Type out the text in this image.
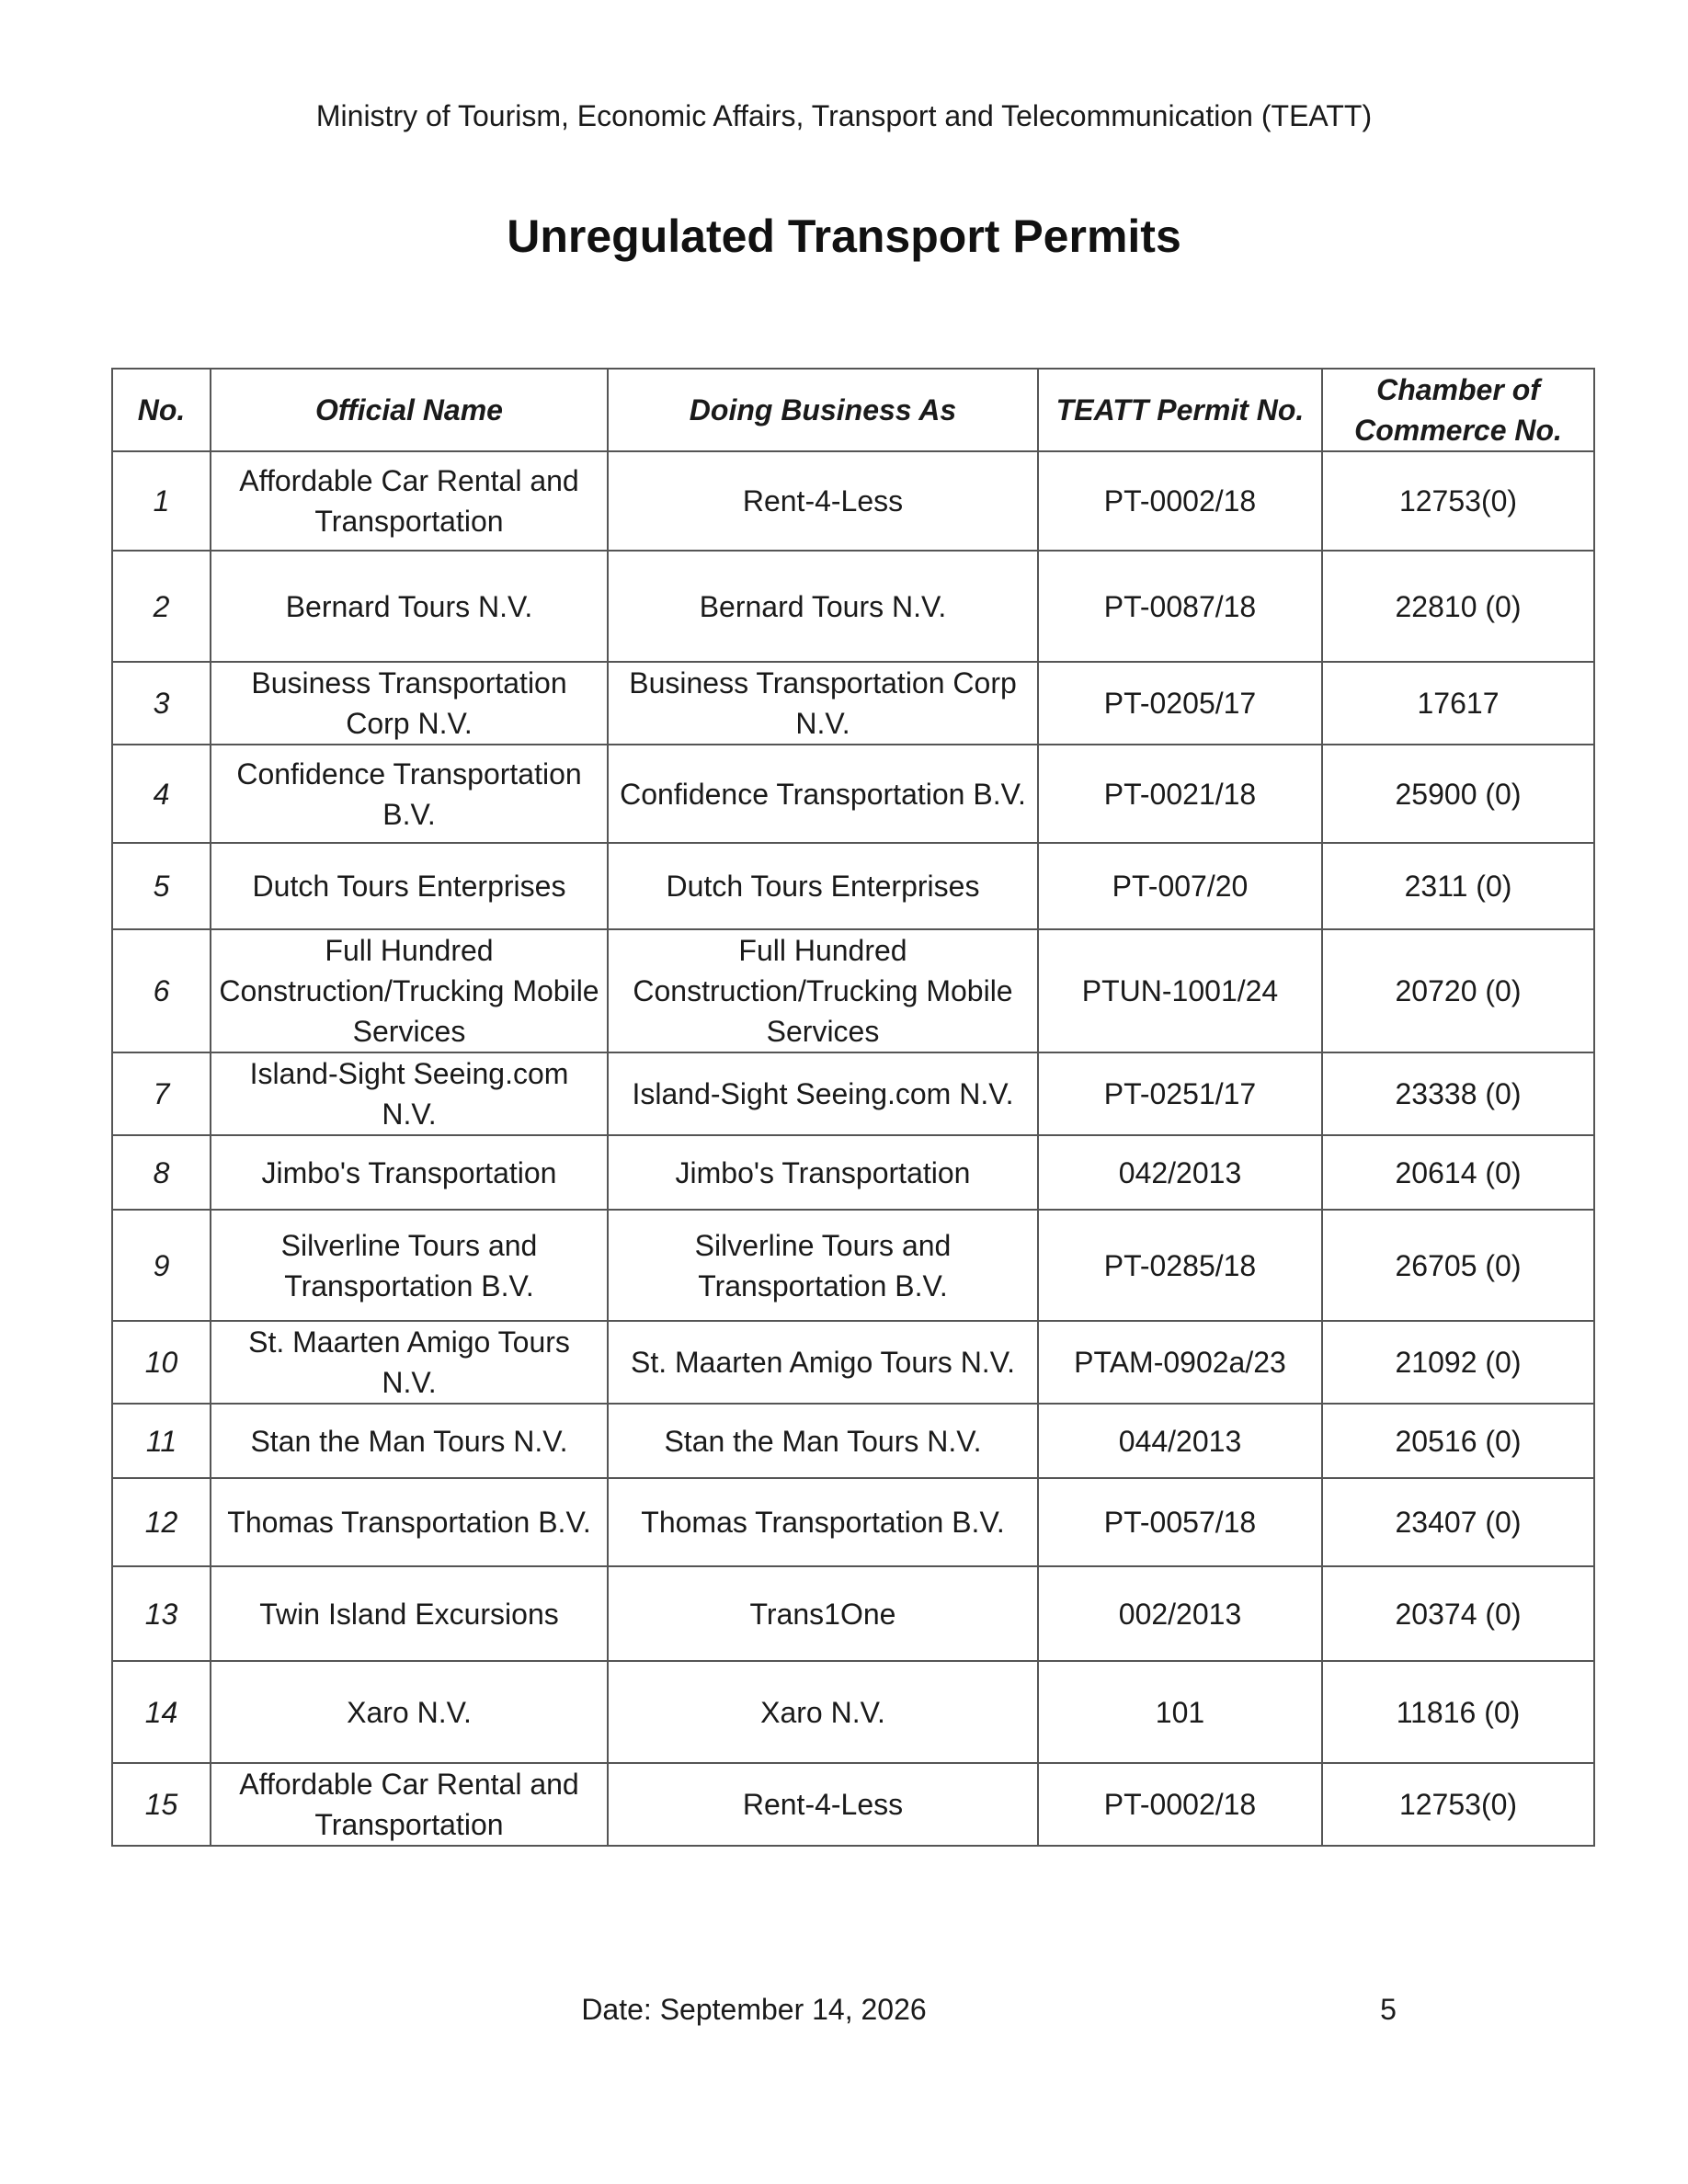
Ministry of Tourism, Economic Affairs, Transport and Telecommunication (TEATT)
Unregulated Transport Permits
No.	Official Name	Doing Business As	TEATT Permit No.	Chamber of Commerce No.
1	Affordable Car Rental and Transportation	Rent-4-Less	PT-0002/18	12753(0)
2	Bernard Tours N.V.	Bernard Tours N.V.	PT-0087/18	22810 (0)
3	Business Transportation Corp N.V.	Business Transportation Corp N.V.	PT-0205/17	17617
4	Confidence Transportation B.V.	Confidence Transportation B.V.	PT-0021/18	25900 (0)
5	Dutch Tours Enterprises	Dutch Tours Enterprises	PT-007/20	2311 (0)
6	Full Hundred Construction/Trucking Mobile Services	Full Hundred Construction/Trucking Mobile Services	PTUN-1001/24	20720 (0)
7	Island-Sight Seeing.com N.V.	Island-Sight Seeing.com N.V.	PT-0251/17	23338 (0)
8	Jimbo's Transportation	Jimbo's Transportation	042/2013	20614 (0)
9	Silverline Tours and Transportation B.V.	Silverline Tours and Transportation B.V.	PT-0285/18	26705 (0)
10	St. Maarten Amigo Tours N.V.	St. Maarten Amigo Tours N.V.	PTAM-0902a/23	21092 (0)
11	Stan the Man Tours N.V.	Stan the Man Tours N.V.	044/2013	20516 (0)
12	Thomas Transportation B.V.	Thomas Transportation B.V.	PT-0057/18	23407 (0)
13	Twin Island Excursions	Trans1One	002/2013	20374 (0)
14	Xaro N.V.	Xaro N.V.	101	11816 (0)
15	Affordable Car Rental and Transportation	Rent-4-Less	PT-0002/18	12753(0)
Date: September 14, 2026	5
